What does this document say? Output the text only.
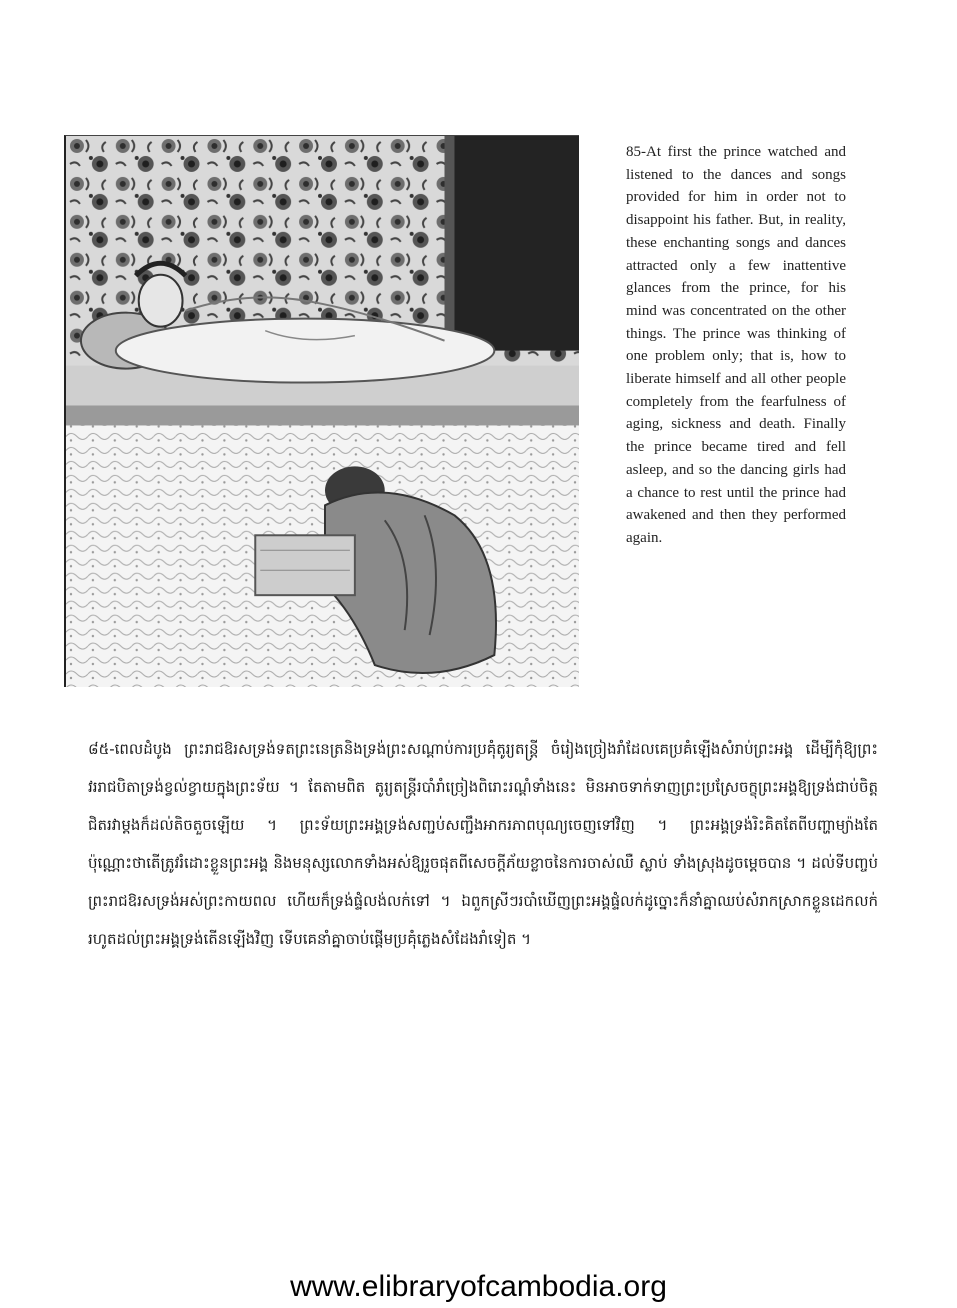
85-At first the prince watched and listened to the dances and songs provided for him in order not to disappoint his father. But, in reality, these enchanting songs and dances attracted only a few inattentive glances from the prince, for his mind was concentrated on the other things. The prince was thinking of one problem only; that is, how to liberate himself and all other people completely from the fearfulness of aging, sickness and death. Finally the prince became tired and fell asleep, and so the dancing girls had a chance to rest until the prince had awakened and then they performed again.

៨៥-ពេលដំបូង ព្រះរាជឱរសទ្រង់ទតព្រះនេត្រនិងទ្រង់ព្រះសណ្ដាប់ការប្រគុំតូរ្យតន្ត្រី ចំរៀងច្រៀងរាំដែលគេប្រគំឡើងសំរាប់ព្រះអង្គ ដើម្បីកុំឱ្យព្រះវររាជបិតាទ្រង់ខ្វល់ខ្វាយក្នុងព្រះទ័យ ។ តែតាមពិត តូរ្យតន្ត្រីរបាំរាំច្រៀងពិរោះរណ្ដំទាំងនេះ មិនអាចទាក់ទាញព្រះប្រស្រែចក្ខុព្រះអង្គឱ្យទ្រង់ជាប់ចិត្តជិតរវាម្តងក៏ដល់តិចតួចឡើយ ។ ព្រះទ័យព្រះអង្គទ្រង់សញ្ជប់សញ្ជឹងអាករភាពបុណ្យចេញទៅវិញ ។ ព្រះអង្គទ្រង់រិះគិតតែពីបញ្ហាម្យ៉ាងតែប៉ុណ្ណោះថាតើត្រូវរំដោះខ្លួនព្រះអង្គ និងមនុស្សលោកទាំងអស់ឱ្យរួចផុតពីសេចក្ដីភ័យខ្លាចនៃការចាស់ឈឺ ស្លាប់ ទាំងស្រុងដូចម្ដេចបាន ។ ដល់ទីបញ្ចប់ព្រះរាជឱរសទ្រង់អស់ព្រះកាយពល ហើយក៏ទ្រង់ផ្ទំលង់លក់ទៅ ។ ឯពួកស្រីៗរបាំឃើញព្រះអង្គផ្ទំលក់ដូច្នោះក៏នាំគ្នាឈប់សំរាកស្រាកខ្លួនដេកលក់រហូតដល់ព្រះអង្គទ្រង់តើនឡើងវិញ ទើបគេនាំគ្នាចាប់ផ្ដើមប្រគុំភ្លេងសំដែងរាំទៀត ។

www.elibraryofcambodia.org
